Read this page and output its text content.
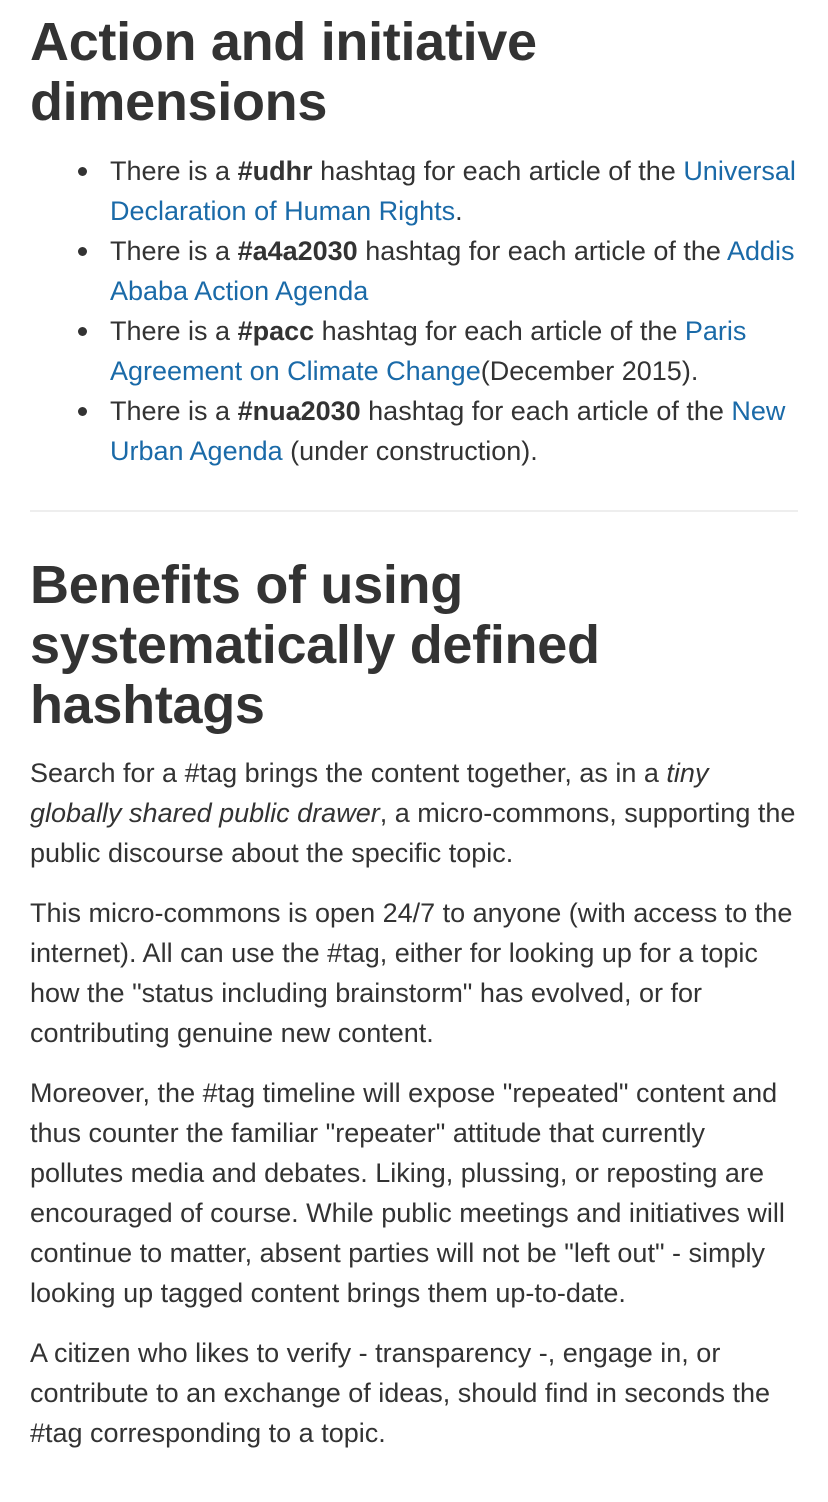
Action and initiative dimensions
There is a #udhr hashtag for each article of the Universal Declaration of Human Rights.
There is a #a4a2030 hashtag for each article of the Addis Ababa Action Agenda
There is a #pacc hashtag for each article of the Paris Agreement on Climate Change(December 2015).
There is a #nua2030 hashtag for each article of the New Urban Agenda (under construction).
Benefits of using systematically defined hashtags

Search for a #tag brings the content together, as in a tiny globally shared public drawer, a micro-commons, supporting the public discourse about the specific topic.

This micro-commons is open 24/7 to anyone (with access to the internet). All can use the #tag, either for looking up for a topic how the "status including brainstorm" has evolved, or for contributing genuine new content.

Moreover, the #tag timeline will expose "repeated" content and thus counter the familiar "repeater" attitude that currently pollutes media and debates. Liking, plussing, or reposting are encouraged of course. While public meetings and initiatives will continue to matter, absent parties will not be "left out" - simply looking up tagged content brings them up-to-date.

A citizen who likes to verify - transparency -, engage in, or contribute to an exchange of ideas, should find in seconds the #tag corresponding to a topic.
